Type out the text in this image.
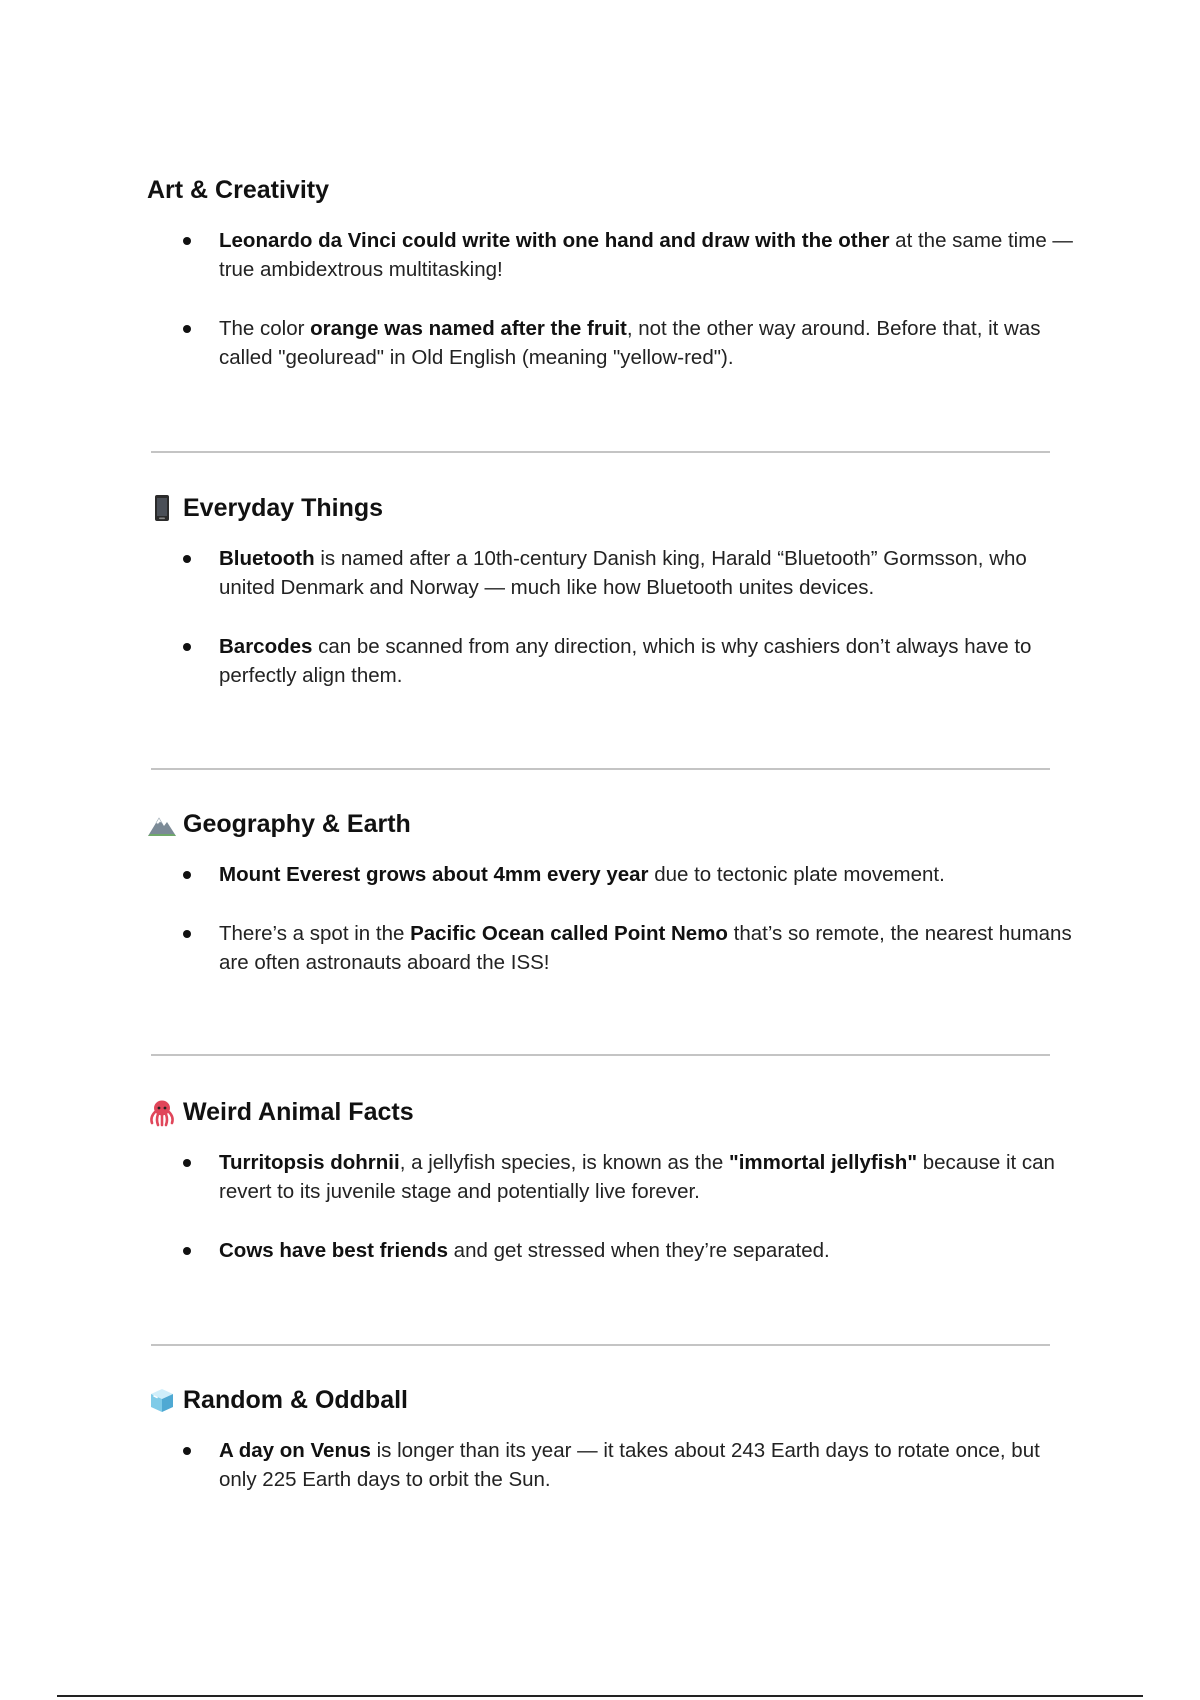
Art & Creativity
Leonardo da Vinci could write with one hand and draw with the other at the same time — true ambidextrous multitasking!
The color orange was named after the fruit, not the other way around. Before that, it was called "geoluread" in Old English (meaning "yellow-red").
Everyday Things
Bluetooth is named after a 10th-century Danish king, Harald “Bluetooth” Gormsson, who united Denmark and Norway — much like how Bluetooth unites devices.
Barcodes can be scanned from any direction, which is why cashiers don’t always have to perfectly align them.
Geography & Earth
Mount Everest grows about 4mm every year due to tectonic plate movement.
There’s a spot in the Pacific Ocean called Point Nemo that’s so remote, the nearest humans are often astronauts aboard the ISS!
Weird Animal Facts
Turritopsis dohrnii, a jellyfish species, is known as the "immortal jellyfish" because it can revert to its juvenile stage and potentially live forever.
Cows have best friends and get stressed when they’re separated.
Random & Oddball
A day on Venus is longer than its year — it takes about 243 Earth days to rotate once, but only 225 Earth days to orbit the Sun.
